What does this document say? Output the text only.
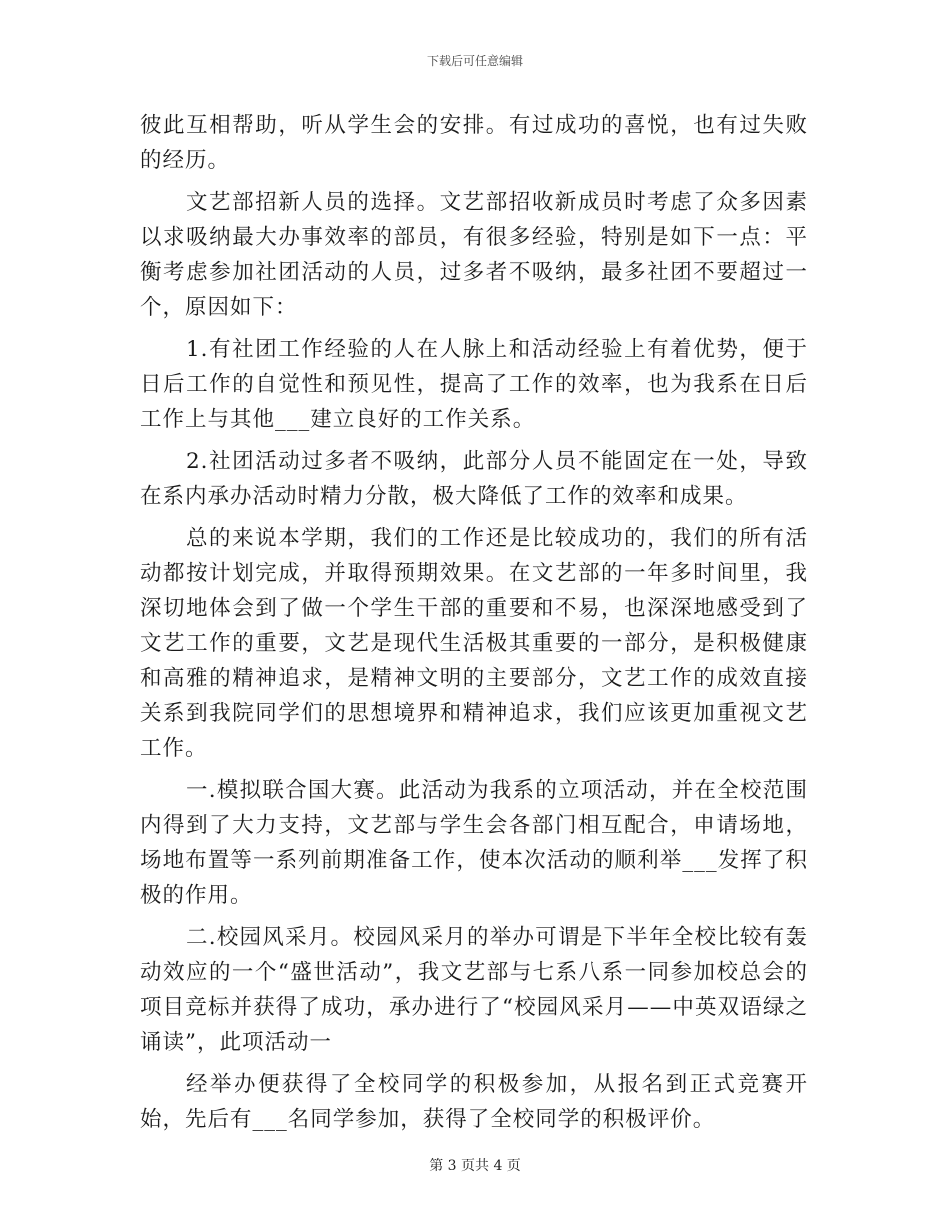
下载后可任意编辑

彼此互相帮助，听从学生会的安排。有过成功的喜悦，也有过失败的经历。

文艺部招新人员的选择。文艺部招收新成员时考虑了众多因素以求吸纳最大办事效率的部员，有很多经验，特别是如下一点：平衡考虑参加社团活动的人员，过多者不吸纳，最多社团不要超过一个，原因如下：

1.有社团工作经验的人在人脉上和活动经验上有着优势，便于日后工作的自觉性和预见性，提高了工作的效率，也为我系在日后工作上与其他___建立良好的工作关系。

2.社团活动过多者不吸纳，此部分人员不能固定在一处，导致在系内承办活动时精力分散，极大降低了工作的效率和成果。

总的来说本学期，我们的工作还是比较成功的，我们的所有活动都按计划完成，并取得预期效果。在文艺部的一年多时间里，我深切地体会到了做一个学生干部的重要和不易，也深深地感受到了文艺工作的重要，文艺是现代生活极其重要的一部分，是积极健康和高雅的精神追求，是精神文明的主要部分，文艺工作的成效直接关系到我院同学们的思想境界和精神追求，我们应该更加重视文艺工作。

一.模拟联合国大赛。此活动为我系的立项活动，并在全校范围内得到了大力支持，文艺部与学生会各部门相互配合，申请场地，场地布置等一系列前期准备工作，使本次活动的顺利举___发挥了积极的作用。

二.校园风采月。校园风采月的举办可谓是下半年全校比较有轰动效应的一个“盛世活动”，我文艺部与七系八系一同参加校总会的项目竞标并获得了成功，承办进行了“校园风采月——中英双语绿之诵读”，此项活动一

经举办便获得了全校同学的积极参加，从报名到正式竞赛开始，先后有___名同学参加，获得了全校同学的积极评价。

第 3 页共 4 页
